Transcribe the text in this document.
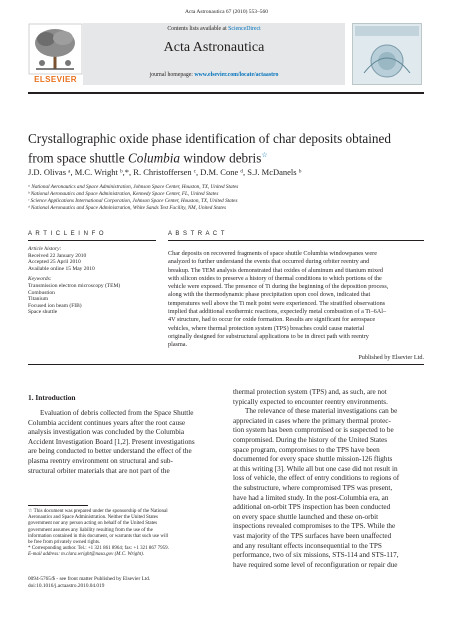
Acta Astronautica 67 (2010) 553–560
ELSEVIER
Contents lists available at ScienceDirect
Acta Astronautica
journal homepage: www.elsevier.com/locate/actaastro
Crystallographic oxide phase identification of char deposits obtained
from space shuttle Columbia window debris☆
J.D. Olivas ᵃ, M.C. Wright ᵇ,*, R. Christoffersen ᶜ, D.M. Cone ᵈ, S.J. McDanels ᵇ
ᵃ National Aeronautics and Space Administration, Johnson Space Center, Houston, TX, United States
ᵇ National Aeronautics and Space Administration, Kennedy Space Center, FL, United States
ᶜ Science Applications International Corporation, Johnson Space Center, Houston, TX, United States
ᵈ National Aeronautics and Space Administration, White Sands Test Facility, NM, United States
A R T I C L E I N F O	A B S T R A C T
Article history:
Received 22 January 2010
Accepted 25 April 2010
Available online 15 May 2010
Keywords:
Transmission electron microscopy (TEM)
Combustion
Titanium
Focused ion beam (FIB)
Space shuttle
Char deposits on recovered fragments of space shuttle Columbia windowpanes were
analyzed to further understand the events that occurred during orbiter reentry and
breakup. The TEM analysis demonstrated that oxides of aluminum and titanium mixed
with silicon oxides to preserve a history of thermal conditions to which portions of the
vehicle were exposed. The presence of Ti during the beginning of the deposition process,
along with the thermodynamic phase precipitation upon cool down, indicated that
temperatures well above the Ti melt point were experienced. The stratified observations
implied that additional exothermic reactions, expectedly metal combustion of a Ti–6Al–
4V structure, had to occur for oxide formation. Results are significant for aerospace
vehicles, where thermal protection system (TPS) breaches could cause material
originally designed for substructural applications to be in direct path with reentry
plasma.
Published by Elsevier Ltd.
1. Introduction
Evaluation of debris collected from the Space Shuttle
Columbia accident continues years after the root cause
analysis investigation was concluded by the Columbia
Accident Investigation Board [1,2]. Present investigations
are being conducted to better understand the effect of the
plasma reentry environment on structural and sub-
structural orbiter materials that are not part of the
thermal protection system (TPS) and, as such, are not
typically expected to encounter reentry environments.
The relevance of these material investigations can be
appreciated in cases where the primary thermal protec-
tion system has been compromised or is suspected to be
compromised. During the history of the United States
space program, compromises to the TPS have been
documented for every space shuttle mission-126 flights
at this writing [3]. While all but one case did not result in
loss of vehicle, the effect of entry conditions to regions of
the substructure, where compromised TPS was present,
have had a limited study. In the post-Columbia era, an
additional on-orbit TPS inspection has been conducted
on every space shuttle launched and these on-orbit
inspections revealed compromises to the TPS. While the
vast majority of the TPS surfaces have been unaffected
and any resultant effects inconsequential to the TPS
performance, two of six missions, STS-114 and STS-117,
have required some level of reconfiguration or repair due
☆ This document was prepared under the sponsorship of the National
Aeronautics and Space Administration. Neither the United States
government nor any person acting on behalf of the United States
government assumes any liability resulting from the use of the
information contained in this document, or warrants that such use will
be free from privately owned rights.
* Corresponding author. Tel.: +1 321 861 8964; fax: +1 321 867 7959.
E-mail address: m.clara.wright@nasa.gov (M.C. Wright).
0094-5765/$ - see front matter Published by Elsevier Ltd.
doi:10.1016/j.actaastro.2010.04.019
